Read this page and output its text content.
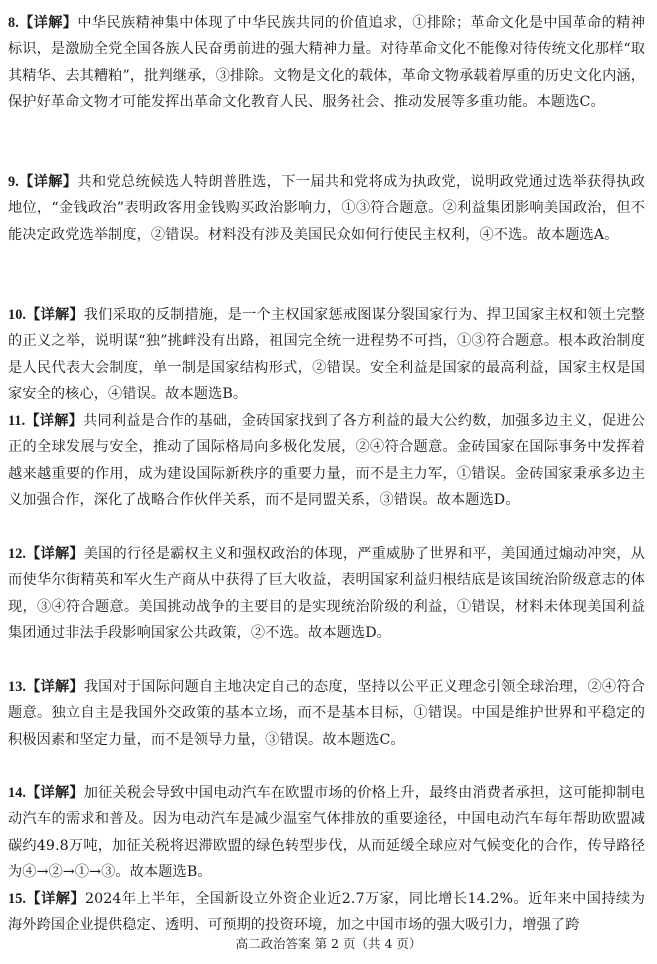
8.【详解】中华民族精神集中体现了中华民族共同的价值追求，①排除；革命文化是中国革命的精神标识，是激励全党全国各族人民奋勇前进的强大精神力量。对待革命文化不能像对待传统文化那样“取其精华、去其糟粕”，批判继承，③排除。文物是文化的载体，革命文物承载着厚重的历史文化内涵，保护好革命文物才可能发挥出革命文化教育人民、服务社会、推动发展等多重功能。本题选C。
9.【详解】共和党总统候选人特朗普胜选，下一届共和党将成为执政党，说明政党通过选举获得执政地位，“金钱政治”表明政客用金钱购买政治影响力，①③符合题意。②利益集团影响美国政治，但不能决定政党选举制度，②错误。材料没有涉及美国民众如何行使民主权利，④不选。故本题选A。
10.【详解】我们采取的反制措施，是一个主权国家惩戒图谋分裂国家行为、捍卫国家主权和领土完整的正义之举，说明谋“独”挑衅没有出路，祖国完全统一进程势不可挡，①③符合题意。根本政治制度是人民代表大会制度，单一制是国家结构形式，②错误。安全利益是国家的最高利益，国家主权是国家安全的核心，④错误。故本题选B。
11.【详解】共同利益是合作的基础，金砖国家找到了各方利益的最大公约数，加强多边主义，促进公正的全球发展与安全，推动了国际格局向多极化发展，②④符合题意。金砖国家在国际事务中发挥着越来越重要的作用，成为建设国际新秩序的重要力量，而不是主力军，①错误。金砖国家秉承多边主义加强合作，深化了战略合作伙伴关系，而不是同盟关系，③错误。故本题选D。
12.【详解】美国的行径是霸权主义和强权政治的体现，严重威胁了世界和平，美国通过煽动冲突，从而使华尔街精英和军火生产商从中获得了巨大收益，表明国家利益归根结底是该国统治阶级意志的体现，③④符合题意。美国挑动战争的主要目的是实现统治阶级的利益，①错误，材料未体现美国利益集团通过非法手段影响国家公共政策，②不选。故本题选D。
13.【详解】我国对于国际问题自主地决定自己的态度，坚持以公平正义理念引领全球治理，②④符合题意。独立自主是我国外交政策的基本立场，而不是基本目标，①错误。中国是维护世界和平稳定的积极因素和坚定力量，而不是领导力量，③错误。故本题选C。
14.【详解】加征关税会导致中国电动汽车在欧盟市场的价格上升，最终由消费者承担，这可能抑制电动汽车的需求和普及。因为电动汽车是减少温室气体排放的重要途径，中国电动汽车每年帮助欧盟减碳约49.8万吨，加征关税将迟滞欧盟的绿色转型步伐，从而延缓全球应对气候变化的合作，传导路径为④→②→①→③。故本题选B。
15.【详解】2024年上半年，全国新设立外资企业近2.7万家，同比增长14.2%。近年来中国持续为海外跨国企业提供稳定、透明、可预期的投资环境，加之中国市场的强大吸引力，增强了跨
高二政治答案 第 2 页（共 4 页）
